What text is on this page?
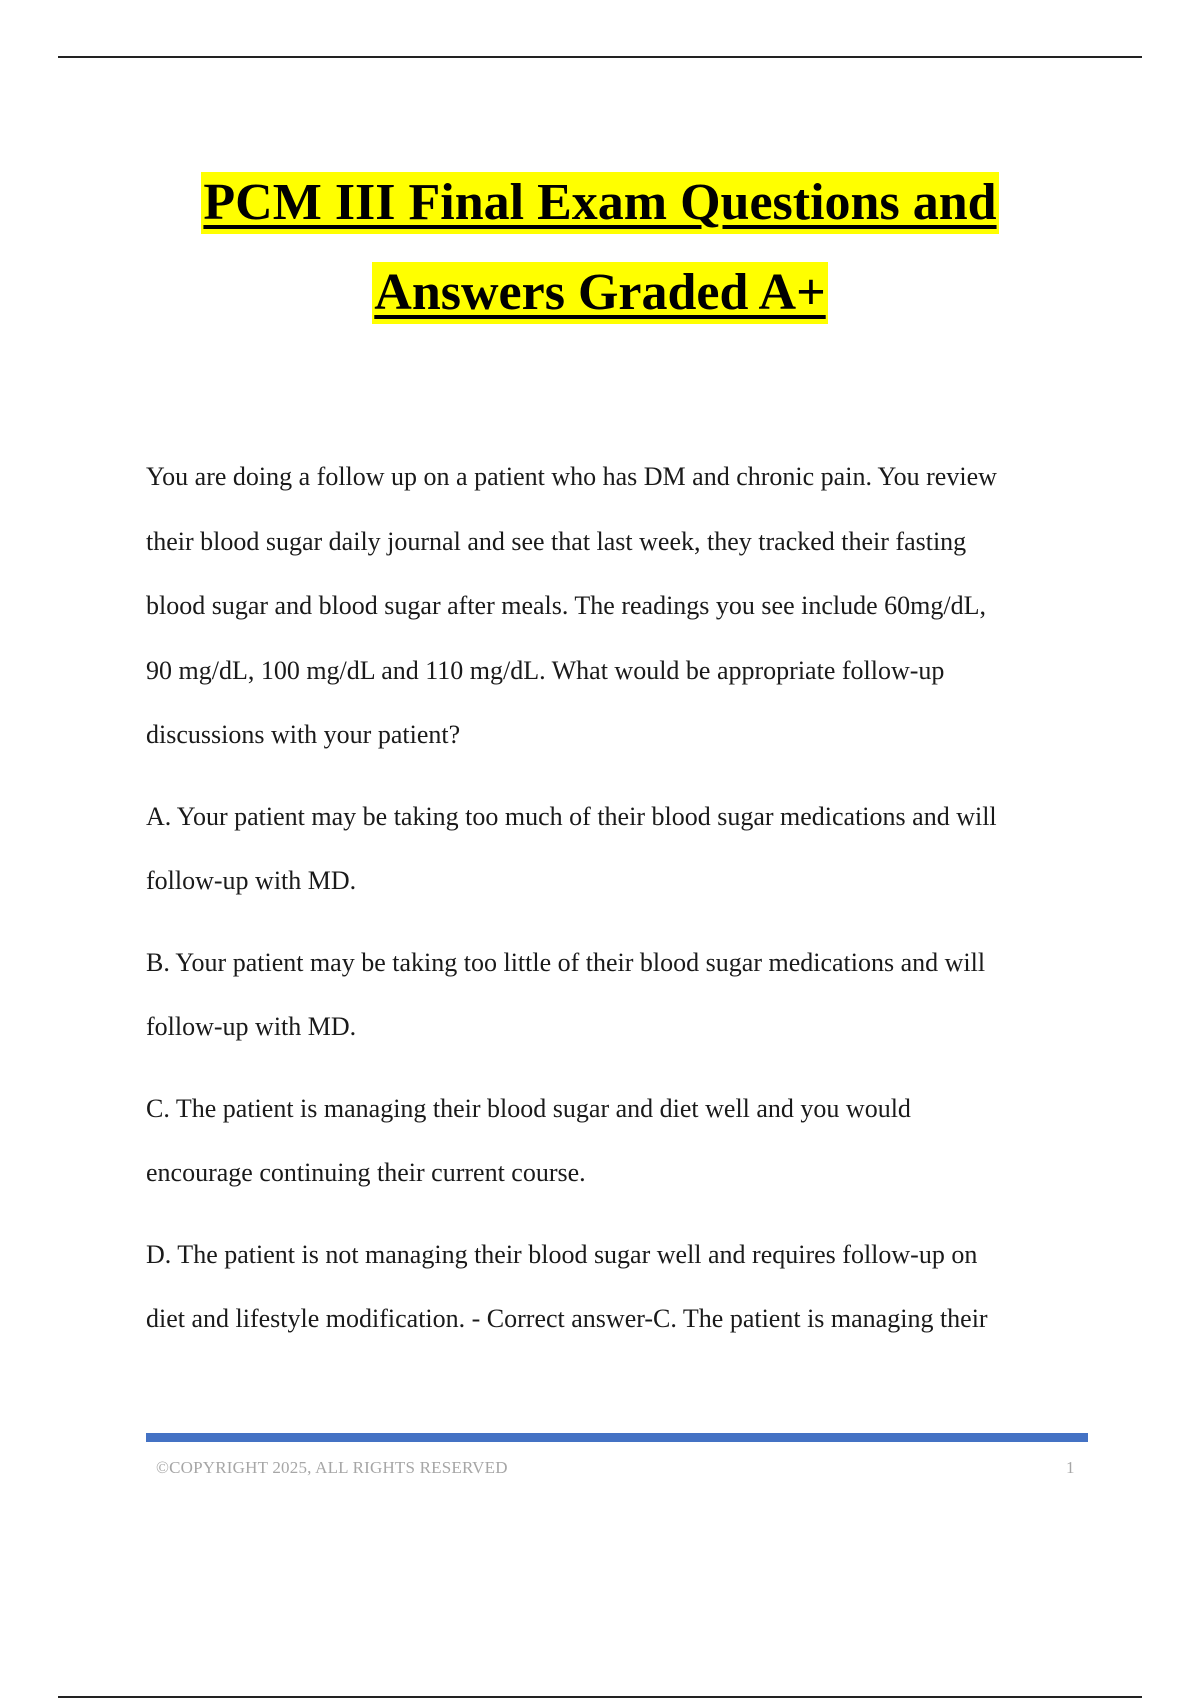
PCM III Final Exam Questions and
Answers Graded A+

You are doing a follow up on a patient who has DM and chronic pain. You review
their blood sugar daily journal and see that last week, they tracked their fasting
blood sugar and blood sugar after meals. The readings you see include 60mg/dL,
90 mg/dL, 100 mg/dL and 110 mg/dL. What would be appropriate follow-up
discussions with your patient?

A. Your patient may be taking too much of their blood sugar medications and will
follow-up with MD.

B. Your patient may be taking too little of their blood sugar medications and will
follow-up with MD.

C. The patient is managing their blood sugar and diet well and you would
encourage continuing their current course.

D. The patient is not managing their blood sugar well and requires follow-up on
diet and lifestyle modification. - Correct answer-C. The patient is managing their

©COPYRIGHT 2025, ALL RIGHTS RESERVED	1
